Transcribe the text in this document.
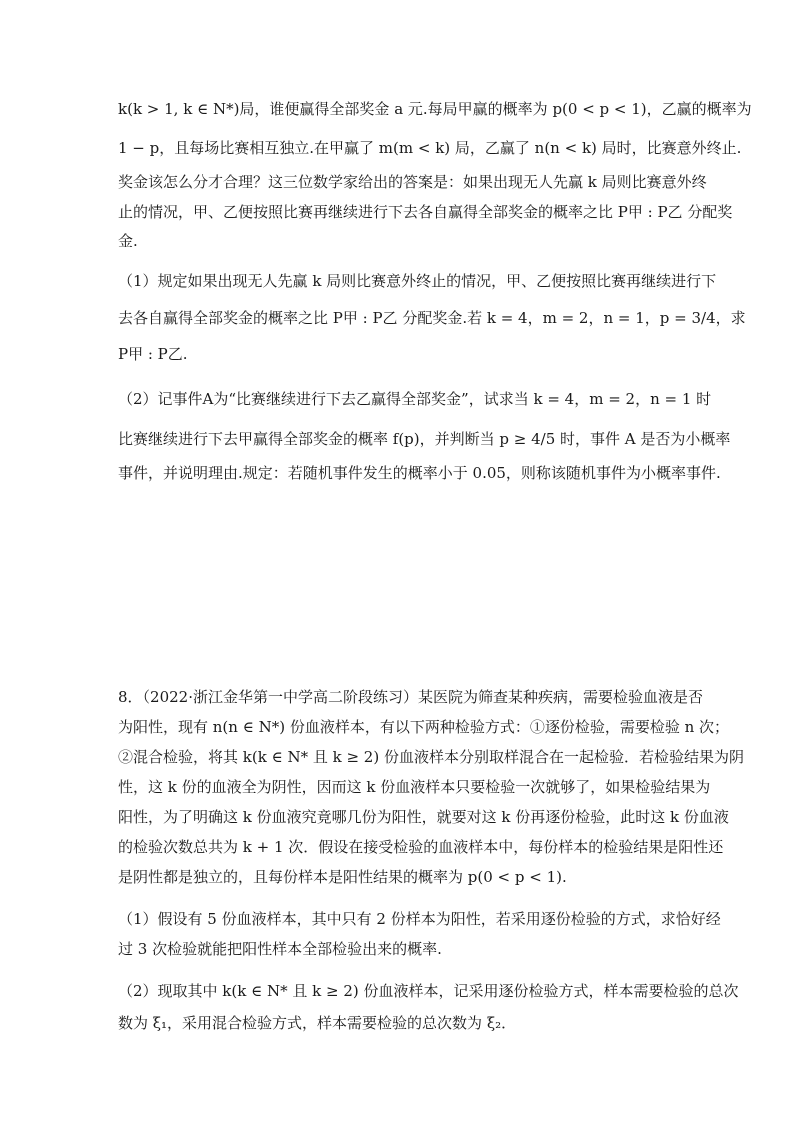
k(k > 1, k ∈ N*)局，谁便赢得全部奖金 a 元.每局甲赢的概率为 p(0 < p < 1)，乙赢的概率为
1 − p，且每场比赛相互独立.在甲赢了 m(m < k) 局，乙赢了 n(n < k) 局时，比赛意外终止.
奖金该怎么分才合理？这三位数学家给出的答案是：如果出现无人先赢 k 局则比赛意外终
止的情况，甲、乙便按照比赛再继续进行下去各自赢得全部奖金的概率之比 P甲 : P乙 分配奖
金.
（1）规定如果出现无人先赢 k 局则比赛意外终止的情况，甲、乙便按照比赛再继续进行下
去各自赢得全部奖金的概率之比 P甲 : P乙 分配奖金.若 k = 4，m = 2，n = 1，p = 3/4，求
P甲 : P乙.
（2）记事件A为“比赛继续进行下去乙赢得全部奖金”，试求当 k = 4，m = 2，n = 1 时
比赛继续进行下去甲赢得全部奖金的概率 f(p)，并判断当 p ≥ 4/5 时，事件 A 是否为小概率
事件，并说明理由.规定：若随机事件发生的概率小于 0.05，则称该随机事件为小概率事件.
8．（2022·浙江金华第一中学高二阶段练习）某医院为筛查某种疾病，需要检验血液是否
为阳性，现有 n(n ∈ N*) 份血液样本，有以下两种检验方式：①逐份检验，需要检验 n 次；
②混合检验，将其 k(k ∈ N* 且 k ≥ 2) 份血液样本分别取样混合在一起检验．若检验结果为阴
性，这 k 份的血液全为阴性，因而这 k 份血液样本只要检验一次就够了，如果检验结果为
阳性，为了明确这 k 份血液究竟哪几份为阳性，就要对这 k 份再逐份检验，此时这 k 份血液
的检验次数总共为 k + 1 次．假设在接受检验的血液样本中，每份样本的检验结果是阳性还
是阴性都是独立的，且每份样本是阳性结果的概率为 p(0 < p < 1).
（1）假设有 5 份血液样本，其中只有 2 份样本为阳性，若采用逐份检验的方式，求恰好经
过 3 次检验就能把阳性样本全部检验出来的概率.
（2）现取其中 k(k ∈ N* 且 k ≥ 2) 份血液样本，记采用逐份检验方式，样本需要检验的总次
数为 ξ₁，采用混合检验方式，样本需要检验的总次数为 ξ₂．
